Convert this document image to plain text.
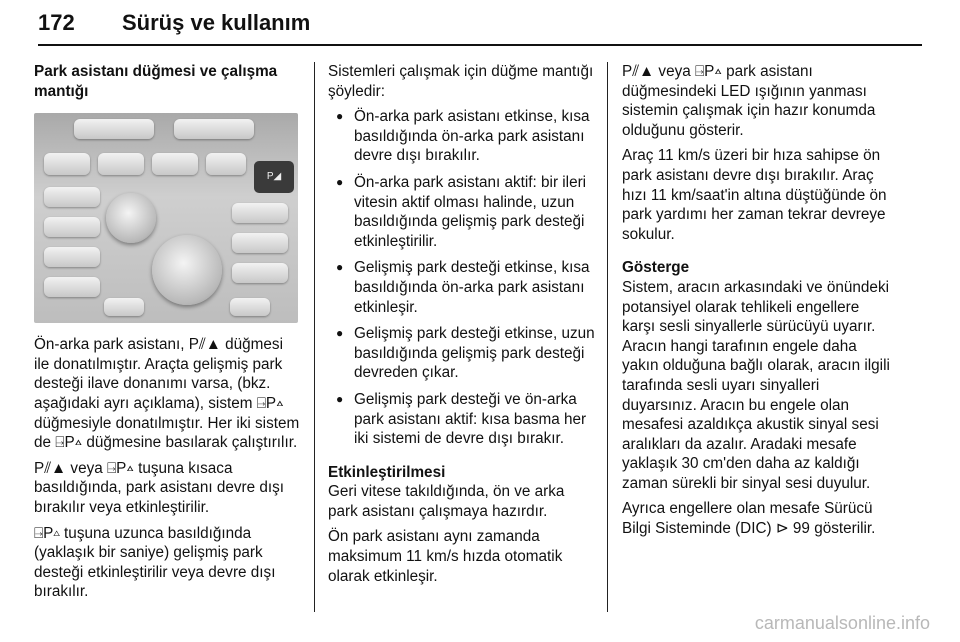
172 Sürüş ve kullanım

Park asistanı düğmesi ve çalışma mantığı

P◢

Ön-arka park asistanı, P⫽▲ düğmesi ile donatılmıştır. Araçta gelişmiş park desteği ilave donanımı varsa, (bkz. aşağıdaki ayrı açıklama), sistem ⍈P▵ düğmesiyle donatılmıştır. Her iki sistem de ⍈P▵ düğmesine basılarak çalıştırılır.

P⫽▲ veya ⍈P▵ tuşuna kısaca basıldığında, park asistanı devre dışı bırakılır veya etkinleştirilir.

⍈P▵ tuşuna uzunca basıldığında (yaklaşık bir saniye) gelişmiş park desteği etkinleştirilir veya devre dışı bırakılır.

Sistemleri çalışmak için düğme mantığı şöyledir:

● Ön-arka park asistanı etkinse, kısa basıldığında ön-arka park asistanı devre dışı bırakılır.
● Ön-arka park asistanı aktif: bir ileri vitesin aktif olması halinde, uzun basıldığında gelişmiş park desteği etkinleştirilir.
● Gelişmiş park desteği etkinse, kısa basıldığında ön-arka park asistanı etkinleşir.
● Gelişmiş park desteği etkinse, uzun basıldığında gelişmiş park desteği devreden çıkar.
● Gelişmiş park desteği ve ön-arka park asistanı aktif: kısa basma her iki sistemi de devre dışı bırakır.

Etkinleştirilmesi

Geri vitese takıldığında, ön ve arka park asistanı çalışmaya hazırdır.

Ön park asistanı aynı zamanda maksimum 11 km/s hızda otomatik olarak etkinleşir.

P⫽▲ veya ⍈P▵ park asistanı düğmesindeki LED ışığının yanması sistemin çalışmak için hazır konumda olduğunu gösterir.

Araç 11 km/s üzeri bir hıza sahipse ön park asistanı devre dışı bırakılır. Araç hızı 11 km/saat'in altına düştüğünde ön park yardımı her zaman tekrar devreye sokulur.

Gösterge

Sistem, aracın arkasındaki ve önündeki potansiyel olarak tehlikeli engellere karşı sesli sinyallerle sürücüyü uyarır. Aracın hangi tarafının engele daha yakın olduğuna bağlı olarak, aracın ilgili tarafında sesli uyarı sinyalleri duyarsınız. Aracın bu engele olan mesafesi azaldıkça akustik sinyal sesi aralıkları da azalır. Aradaki mesafe yaklaşık 30 cm'den daha az kaldığı zaman sürekli bir sinyal sesi duyulur.

Ayrıca engellere olan mesafe Sürücü Bilgi Sisteminde (DIC) ⊳ 99 gösterilir.

carmanualsonline.info
